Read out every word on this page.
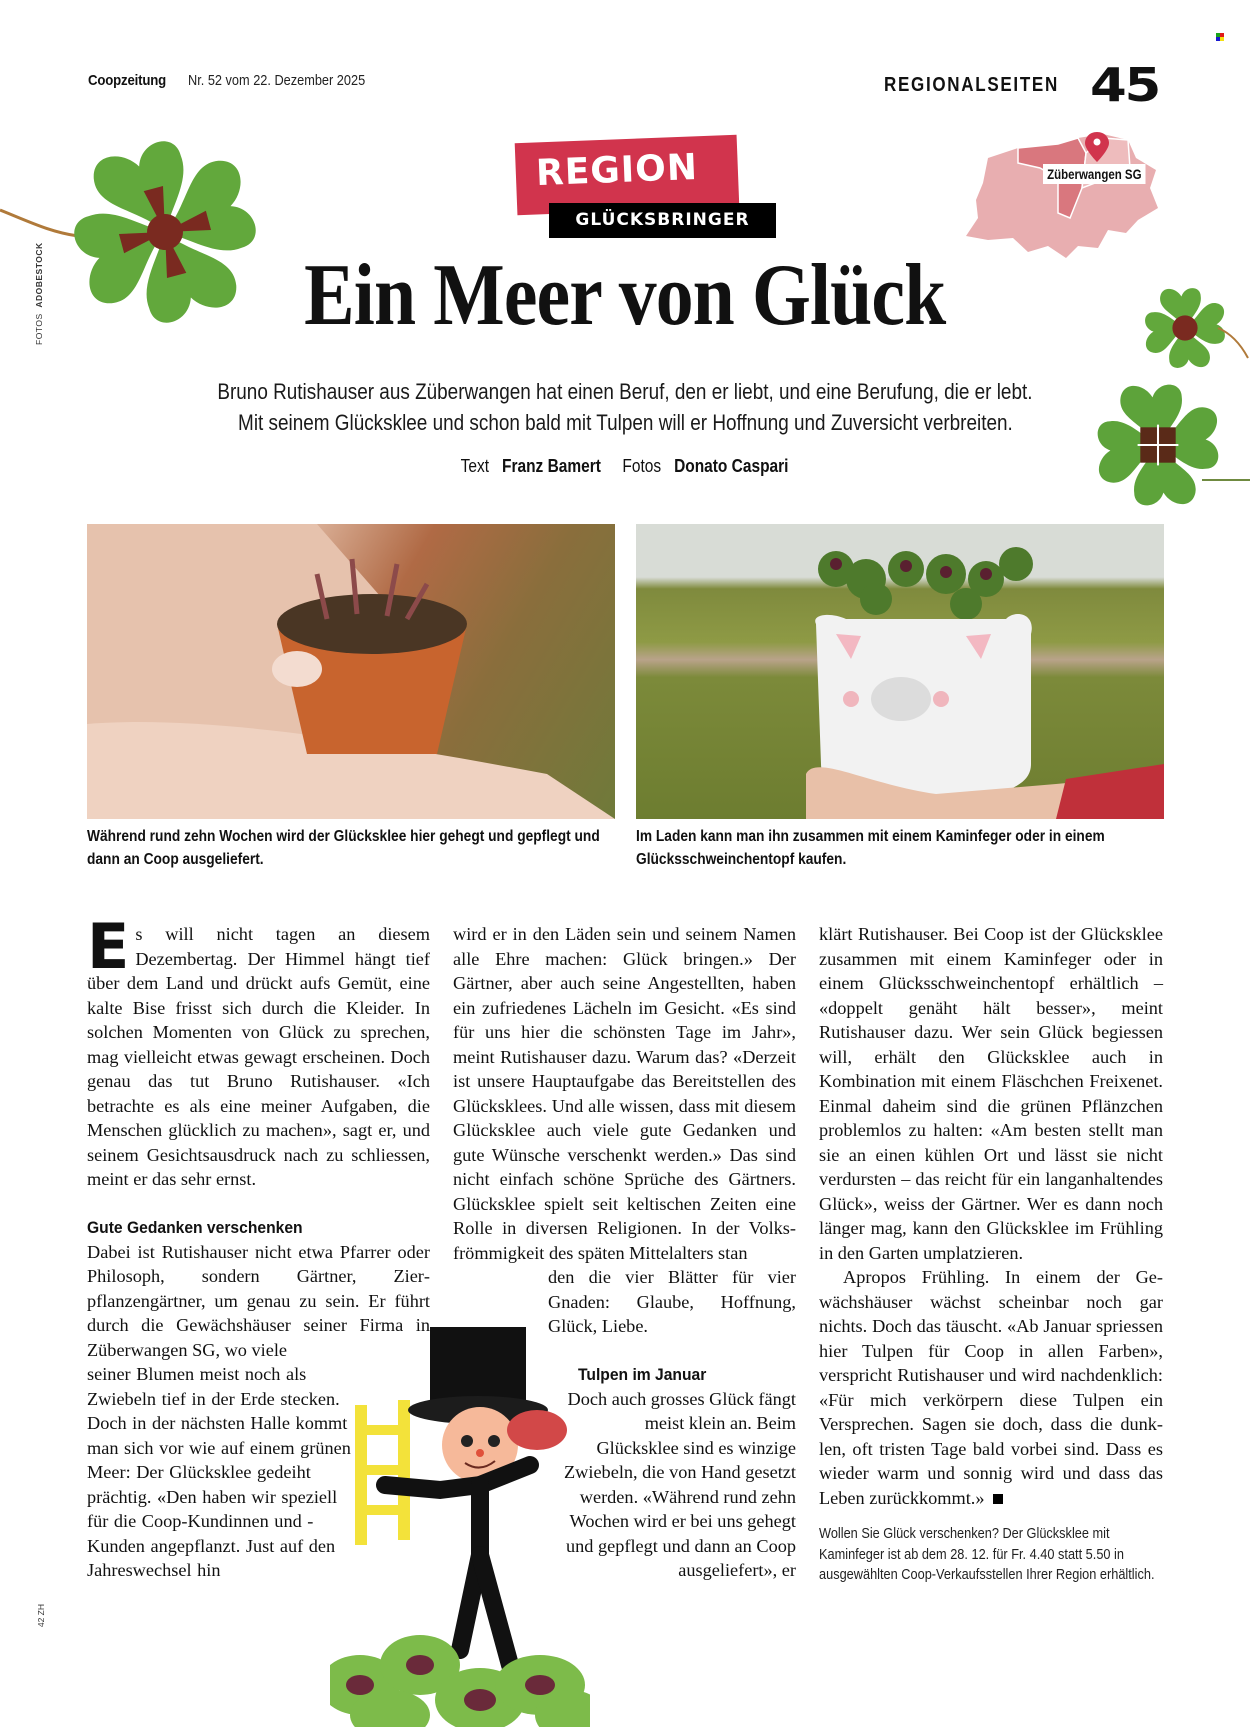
Coopzeitung Nr. 52 vom 22. Dezember 2025	REGIONALSEITEN 45
FOTOS  ADOBESTOCK
42 ZH
REGION
GLÜCKSBRINGER
Züberwangen SG
Ein Meer von Glück
Bruno Rutishauser aus Züberwangen hat einen Beruf, den er liebt, und eine Berufung, die er lebt.
Mit seinem Glücksklee und schon bald mit Tulpen will er Hoffnung und Zuversicht verbreiten.
Text Franz Bamert Fotos Donato Caspari
Während rund zehn Wochen wird der Glücksklee hier gehegt und gepflegt und dann an Coop ausgeliefert.
Im Laden kann man ihn zusammen mit einem Kaminfeger oder in einem Glücksschweinchentopf kaufen.

Es will nicht tagen an diesem Dezembertag. Der Himmel hängt tief über dem Land und drückt aufs Gemüt, eine kalte Bise frisst sich durch die Kleider. In solchen Momenten von Glück zu sprechen, mag vielleicht etwas gewagt erscheinen. Doch genau das tut Bruno Rutishauser. «Ich betrachte es als eine meiner Aufgaben, die Menschen glücklich zu machen», sagt er, und seinem Gesichtsausdruck nach zu schliessen, meint er das sehr ernst.

Gute Gedanken verschenken

Dabei ist Rutishauser nicht etwa Pfarrer oder Philosoph, sondern Gärtner, Zierpflanzengärtner, um genau zu sein. Er führt durch die Gewächshäuser seiner Firma in Züberwangen SG, wo viele

seiner Blumen meist noch als Zwiebeln tief in der Erde stecken. Doch in der nächsten Halle kommt man sich vor wie auf einem grünen Meer: Der Glücksklee gedeiht prächtig. «Den haben wir speziell für die Coop-Kundinnen und -Kunden angepflanzt. Just auf den Jahreswechsel hin

wird er in den Läden sein und seinem Namen alle Ehre machen: Glück bringen.» Der Gärtner, aber auch seine Angestellten, haben ein zufriedenes Lächeln im Gesicht. «Es sind für uns hier die schönsten Tage im Jahr», meint Rutishauser dazu. Warum das? «Derzeit ist unsere Hauptaufgabe das Bereitstellen des Glücksklees. Und alle wissen, dass mit diesem Glücksklee auch viele gute Gedanken und gute Wünsche verschenkt werden.» Das sind nicht einfach schöne Sprüche des Gärtners. Glücksklee spielt seit keltischen Zeiten eine Rolle in diversen Religionen. In der Volksfrömmigkeit des späten Mittelalters stan

den die vier Blätter für vier Gnaden: Glaube, Hoffnung, Glück, Liebe.

Tulpen im Januar

Doch auch grosses Glück fängt meist klein an. Beim Glücksklee sind es winzige Zwiebeln, die von Hand gesetzt werden. «Während rund zehn Wochen wird er bei uns gehegt und gepflegt und dann an Coop ausgeliefert», er

klärt Rutishauser. Bei Coop ist der Glücksklee zusammen mit einem Kaminfeger oder in einem Glücksschweinchentopf erhältlich – «doppelt genäht hält besser», meint Rutishauser dazu. Wer sein Glück begiessen will, erhält den Glücksklee auch in Kombination mit einem Fläschchen Freixenet. Einmal daheim sind die grünen Pflänzchen problemlos zu halten: «Am besten stellt man sie an einen kühlen Ort und lässt sie nicht verdursten – das reicht für ein langanhaltendes Glück», weiss der Gärtner. Wer es dann noch länger mag, kann den Glücksklee im Frühling in den Garten umplatzieren.

Apropos Frühling. In einem der Gewächshäuser wächst scheinbar noch gar nichts. Doch das täuscht. «Ab Januar spriessen hier Tulpen für Coop in allen Farben», verspricht Rutishauser und wird nachdenklich: «Für mich verkörpern diese Tulpen ein Versprechen. Sagen sie doch, dass die dunklen, oft tristen Tage bald vorbei sind. Dass es wieder warm und sonnig wird und dass das Leben zurückkommt.»

Wollen Sie Glück verschenken? Der Glücksklee mit Kaminfeger ist ab dem 28. 12. für Fr. 4.40 statt 5.50 in ausgewählten Coop-Verkaufsstellen Ihrer Region erhältlich.
